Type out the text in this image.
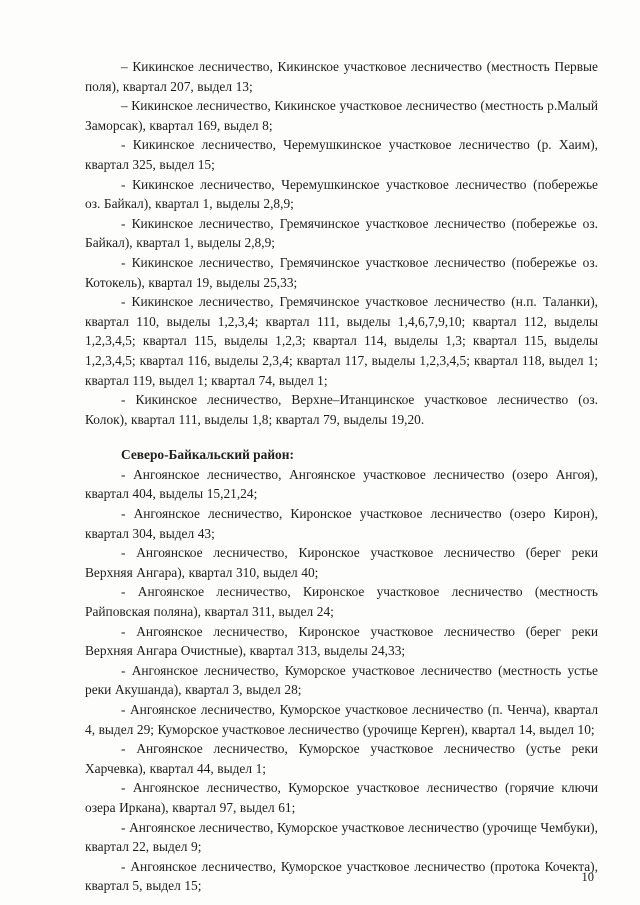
– Кикинское лесничество, Кикинское участковое лесничество (местность Первые поля), квартал 207, выдел 13;

– Кикинское лесничество, Кикинское участковое лесничество (местность р.Малый Заморсак), квартал 169, выдел 8;

- Кикинское лесничество, Черемушкинское участковое лесничество (р. Хаим), квартал 325, выдел 15;

- Кикинское лесничество, Черемушкинское участковое лесничество (побережье оз. Байкал), квартал 1, выделы 2,8,9;

- Кикинское лесничество, Гремячинское участковое лесничество (побережье оз. Байкал), квартал 1, выделы 2,8,9;

- Кикинское лесничество, Гремячинское участковое лесничество (побережье оз. Котокель), квартал 19, выделы 25,33;

- Кикинское лесничество, Гремячинское участковое лесничество (н.п. Таланки), квартал 110, выделы 1,2,3,4; квартал 111, выделы 1,4,6,7,9,10; квартал 112, выделы 1,2,3,4,5; квартал 115, выделы 1,2,3; квартал 114, выделы 1,3; квартал 115, выделы 1,2,3,4,5; квартал 116, выделы 2,3,4; квартал 117, выделы 1,2,3,4,5; квартал 118, выдел 1; квартал 119, выдел 1; квартал 74, выдел 1;

- Кикинское лесничество, Верхне–Итанцинское участковое лесничество (оз. Колок), квартал 111, выделы 1,8; квартал 79, выделы 19,20.

Северо-Байкальский район:

- Ангоянское лесничество, Ангоянское участковое лесничество (озеро Ангоя), квартал 404, выделы 15,21,24;

- Ангоянское лесничество, Киронское участковое лесничество (озеро Кирон), квартал 304, выдел 43;

- Ангоянское лесничество, Киронское участковое лесничество (берег реки Верхняя Ангара), квартал 310, выдел 40;

- Ангоянское лесничество, Киронское участковое лесничество (местность Райповская поляна), квартал 311, выдел 24;

- Ангоянское лесничество, Киронское участковое лесничество (берег реки Верхняя Ангара Очистные), квартал 313, выделы 24,33;

- Ангоянское лесничество, Куморское участковое лесничество (местность устье реки Акушанда), квартал 3, выдел 28;

- Ангоянское лесничество, Куморское участковое лесничество (п. Ченча), квартал 4, выдел 29; Куморское участковое лесничество (урочище Керген), квартал 14, выдел 10;

- Ангоянское лесничество, Куморское участковое лесничество (устье реки Харчевка), квартал 44, выдел 1;

- Ангоянское лесничество, Куморское участковое лесничество (горячие ключи озера Иркана), квартал 97, выдел 61;

- Ангоянское лесничество, Куморское участковое лесничество (урочище Чембуки), квартал 22, выдел 9;

- Ангоянское лесничество, Куморское участковое лесничество (протока Кочекта), квартал 5, выдел 15;

10
